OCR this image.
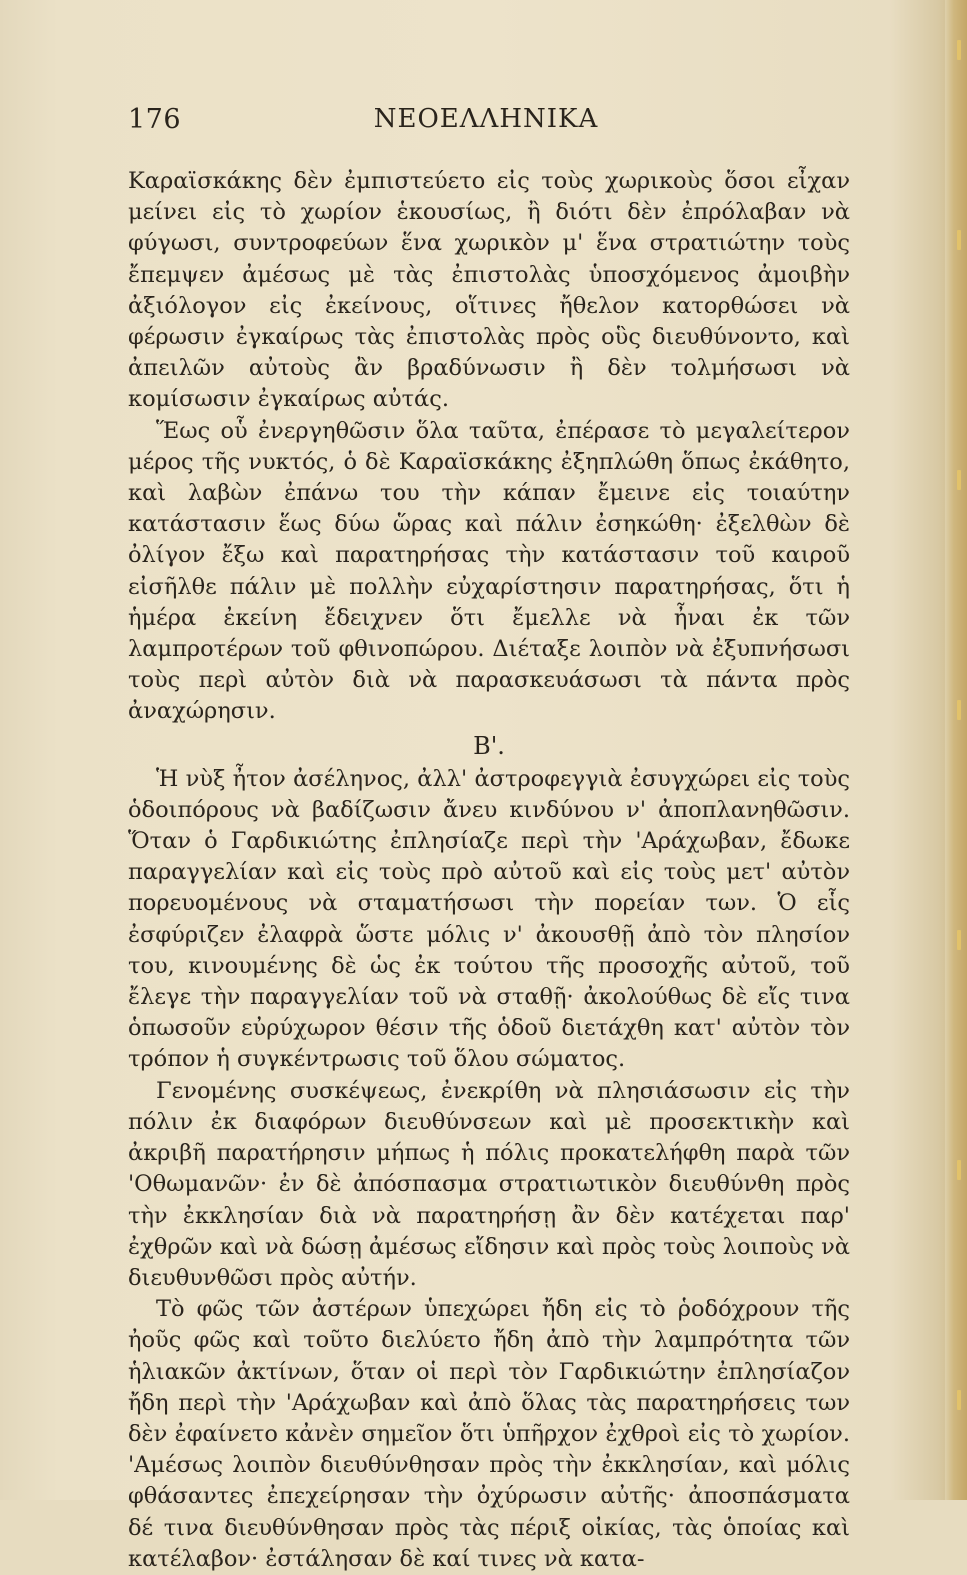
ΝΕΟΕΛΛΗΝΙΚΑ
176

Καραϊσκάκης δὲν ἐμπιστεύετο εἰς τοὺς χωρικοὺς ὅσοι εἶχαν μείνει εἰς τὸ χωρίον ἑκουσίως, ἢ διότι δὲν ἐπρόλαβαν νὰ φύγωσι, συντροφεύων ἕνα χωρικὸν μ' ἕνα στρατιώτην τοὺς ἔπεμψεν ἀμέσως μὲ τὰς ἐπιστολὰς ὑποσχόμενος ἀμοιβὴν ἀξιόλογον εἰς ἐκείνους, οἵτινες ἤθελον κατορθώσει νὰ φέρωσιν ἐγκαίρως τὰς ἐπιστολὰς πρὸς οὓς διευθύνοντο, καὶ ἀπειλῶν αὐτοὺς ἂν βραδύνωσιν ἢ δὲν τολμήσωσι νὰ κομίσωσιν ἐγκαίρως αὐτάς.

Ἕως οὗ ἐνεργηθῶσιν ὅλα ταῦτα, ἐπέρασε τὸ μεγαλείτερον μέρος τῆς νυκτός, ὁ δὲ Καραϊσκάκης ἐξηπλώθη ὅπως ἐκάθητο, καὶ λαβὼν ἐπάνω του τὴν κάπαν ἔμεινε εἰς τοιαύτην κατάστασιν ἕως δύω ὥρας καὶ πάλιν ἐσηκώθη· ἐξελθὼν δὲ ὀλίγον ἔξω καὶ παρατηρήσας τὴν κατάστασιν τοῦ καιροῦ εἰσῆλθε πάλιν μὲ πολλὴν εὐχαρίστησιν παρατηρήσας, ὅτι ἡ ἡμέρα ἐκείνη ἔδειχνεν ὅτι ἔμελλε νὰ ἦναι ἐκ τῶν λαμπροτέρων τοῦ φθινοπώρου. Διέταξε λοιπὸν νὰ ἐξυπνήσωσι τοὺς περὶ αὐτὸν διὰ νὰ παρασκευάσωσι τὰ πάντα πρὸς ἀναχώρησιν.

Β'.

Ἡ νὺξ ἦτον ἀσέληνος, ἀλλ' ἀστροφεγγιὰ ἐσυγχώρει εἰς τοὺς ὁδοιπόρους νὰ βαδίζωσιν ἄνευ κινδύνου ν' ἀποπλανηθῶσιν. Ὅταν ὁ Γαρδικιώτης ἐπλησίαζε περὶ τὴν 'Αράχωβαν, ἔδωκε παραγγελίαν καὶ εἰς τοὺς πρὸ αὐτοῦ καὶ εἰς τοὺς μετ' αὐτὸν πορευομένους νὰ σταματήσωσι τὴν πορείαν των. Ὁ εἷς ἐσφύριζεν ἐλαφρὰ ὥστε μόλις ν' ἀκουσθῇ ἀπὸ τὸν πλησίον του, κινουμένης δὲ ὡς ἐκ τούτου τῆς προσοχῆς αὐτοῦ, τοῦ ἔλεγε τὴν παραγγελίαν τοῦ νὰ σταθῇ· ἀκολούθως δὲ εἴς τινα ὁπωσοῦν εὐρύχωρον θέσιν τῆς ὁδοῦ διετάχθη κατ' αὐτὸν τὸν τρόπον ἡ συγκέντρωσις τοῦ ὅλου σώματος.

Γενομένης συσκέψεως, ἐνεκρίθη νὰ πλησιάσωσιν εἰς τὴν πόλιν ἐκ διαφόρων διευθύνσεων καὶ μὲ προσεκτικὴν καὶ ἀκριβῆ παρατήρησιν μήπως ἡ πόλις προκατελήφθη παρὰ τῶν 'Οθωμανῶν· ἐν δὲ ἀπόσπασμα στρατιωτικὸν διευθύνθη πρὸς τὴν ἐκκλησίαν διὰ νὰ παρατηρήσῃ ἂν δὲν κατέχεται παρ' ἐχθρῶν καὶ νὰ δώσῃ ἀμέσως εἴδησιν καὶ πρὸς τοὺς λοιποὺς νὰ διευθυνθῶσι πρὸς αὐτήν.

Τὸ φῶς τῶν ἀστέρων ὑπεχώρει ἤδη εἰς τὸ ῥοδόχρουν τῆς ἠοῦς φῶς καὶ τοῦτο διελύετο ἤδη ἀπὸ τὴν λαμπρότητα τῶν ἡλιακῶν ἀκτίνων, ὅταν οἱ περὶ τὸν Γαρδικιώτην ἐπλησίαζον ἤδη περὶ τὴν 'Αράχωβαν καὶ ἀπὸ ὅλας τὰς παρατηρήσεις των δὲν ἐφαίνετο κἀνὲν σημεῖον ὅτι ὑπῆρχον ἐχθροὶ εἰς τὸ χωρίον. 'Αμέσως λοιπὸν διευθύνθησαν πρὸς τὴν ἐκκλησίαν, καὶ μόλις φθάσαντες ἐπεχείρησαν τὴν ὀχύρωσιν αὐτῆς· ἀποσπάσματα δέ τινα διευθύνθησαν πρὸς τὰς πέριξ οἰκίας, τὰς ὁποίας καὶ κατέλαβον· ἐστάλησαν δὲ καί τινες νὰ κατα-
